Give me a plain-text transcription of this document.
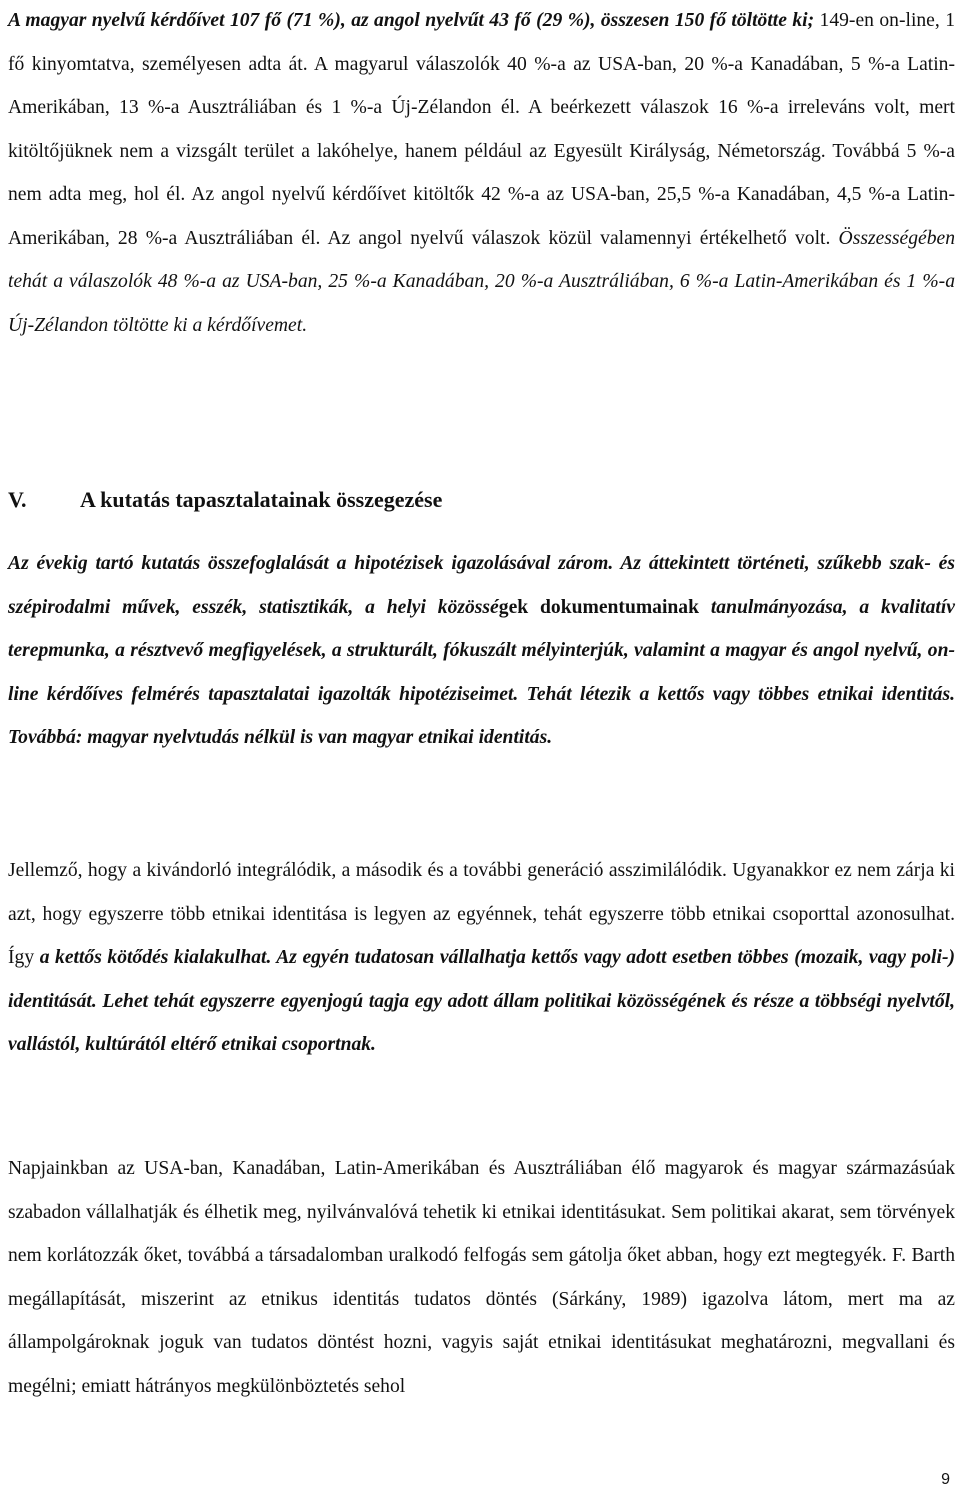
A magyar nyelvű kérdőívet 107 fő (71 %), az angol nyelvűt 43 fő (29 %), összesen 150 fő töltötte ki; 149-en on-line, 1 fő kinyomtatva, személyesen adta át. A magyarul válaszolók 40 %-a az USA-ban, 20 %-a Kanadában, 5 %-a Latin-Amerikában, 13 %-a Ausztráliában és 1 %-a Új-Zélandon él. A beérkezett válaszok 16 %-a irreleváns volt, mert kitöltőjüknek nem a vizsgált terület a lakóhelye, hanem például az Egyesült Királyság, Németország. Továbbá 5 %-a nem adta meg, hol él. Az angol nyelvű kérdőívet kitöltők 42 %-a az USA-ban, 25,5 %-a Kanadában, 4,5 %-a Latin-Amerikában, 28 %-a Ausztráliában él. Az angol nyelvű válaszok közül valamennyi értékelhető volt. Összességében tehát a válaszolók 48 %-a az USA-ban, 25 %-a Kanadában, 20 %-a Ausztráliában, 6 %-a Latin-Amerikában és 1 %-a Új-Zélandon töltötte ki a kérdőívemet.

V. A kutatás tapasztalatainak összegezése

Az évekig tartó kutatás összefoglalását a hipotézisek igazolásával zárom. Az áttekintett történeti, szűkebb szak- és szépirodalmi művek, esszék, statisztikák, a helyi közösségek dokumentumainak tanulmányozása, a kvalitatív terepmunka, a résztvevő megfigyelések, a strukturált, fókuszált mélyinterjúk, valamint a magyar és angol nyelvű, on-line kérdőíves felmérés tapasztalatai igazolták hipotéziseimet. Tehát létezik a kettős vagy többes etnikai identitás. Továbbá: magyar nyelvtudás nélkül is van magyar etnikai identitás.

Jellemző, hogy a kivándorló integrálódik, a második és a további generáció asszimilálódik. Ugyanakkor ez nem zárja ki azt, hogy egyszerre több etnikai identitása is legyen az egyénnek, tehát egyszerre több etnikai csoporttal azonosulhat. Így a kettős kötődés kialakulhat. Az egyén tudatosan vállalhatja kettős vagy adott esetben többes (mozaik, vagy poli-) identitását. Lehet tehát egyszerre egyenjogú tagja egy adott állam politikai közösségének és része a többségi nyelvtől, vallástól, kultúrától eltérő etnikai csoportnak.

Napjainkban az USA-ban, Kanadában, Latin-Amerikában és Ausztráliában élő magyarok és magyar származásúak szabadon vállalhatják és élhetik meg, nyilvánvalóvá tehetik ki etnikai identitásukat. Sem politikai akarat, sem törvények nem korlátozzák őket, továbbá a társadalomban uralkodó felfogás sem gátolja őket abban, hogy ezt megtegyék. F. Barth megállapítását, miszerint az etnikus identitás tudatos döntés (Sárkány, 1989) igazolva látom, mert ma az állampolgároknak joguk van tudatos döntést hozni, vagyis saját etnikai identitásukat meghatározni, megvallani és megélni; emiatt hátrányos megkülönböztetés sehol

9
